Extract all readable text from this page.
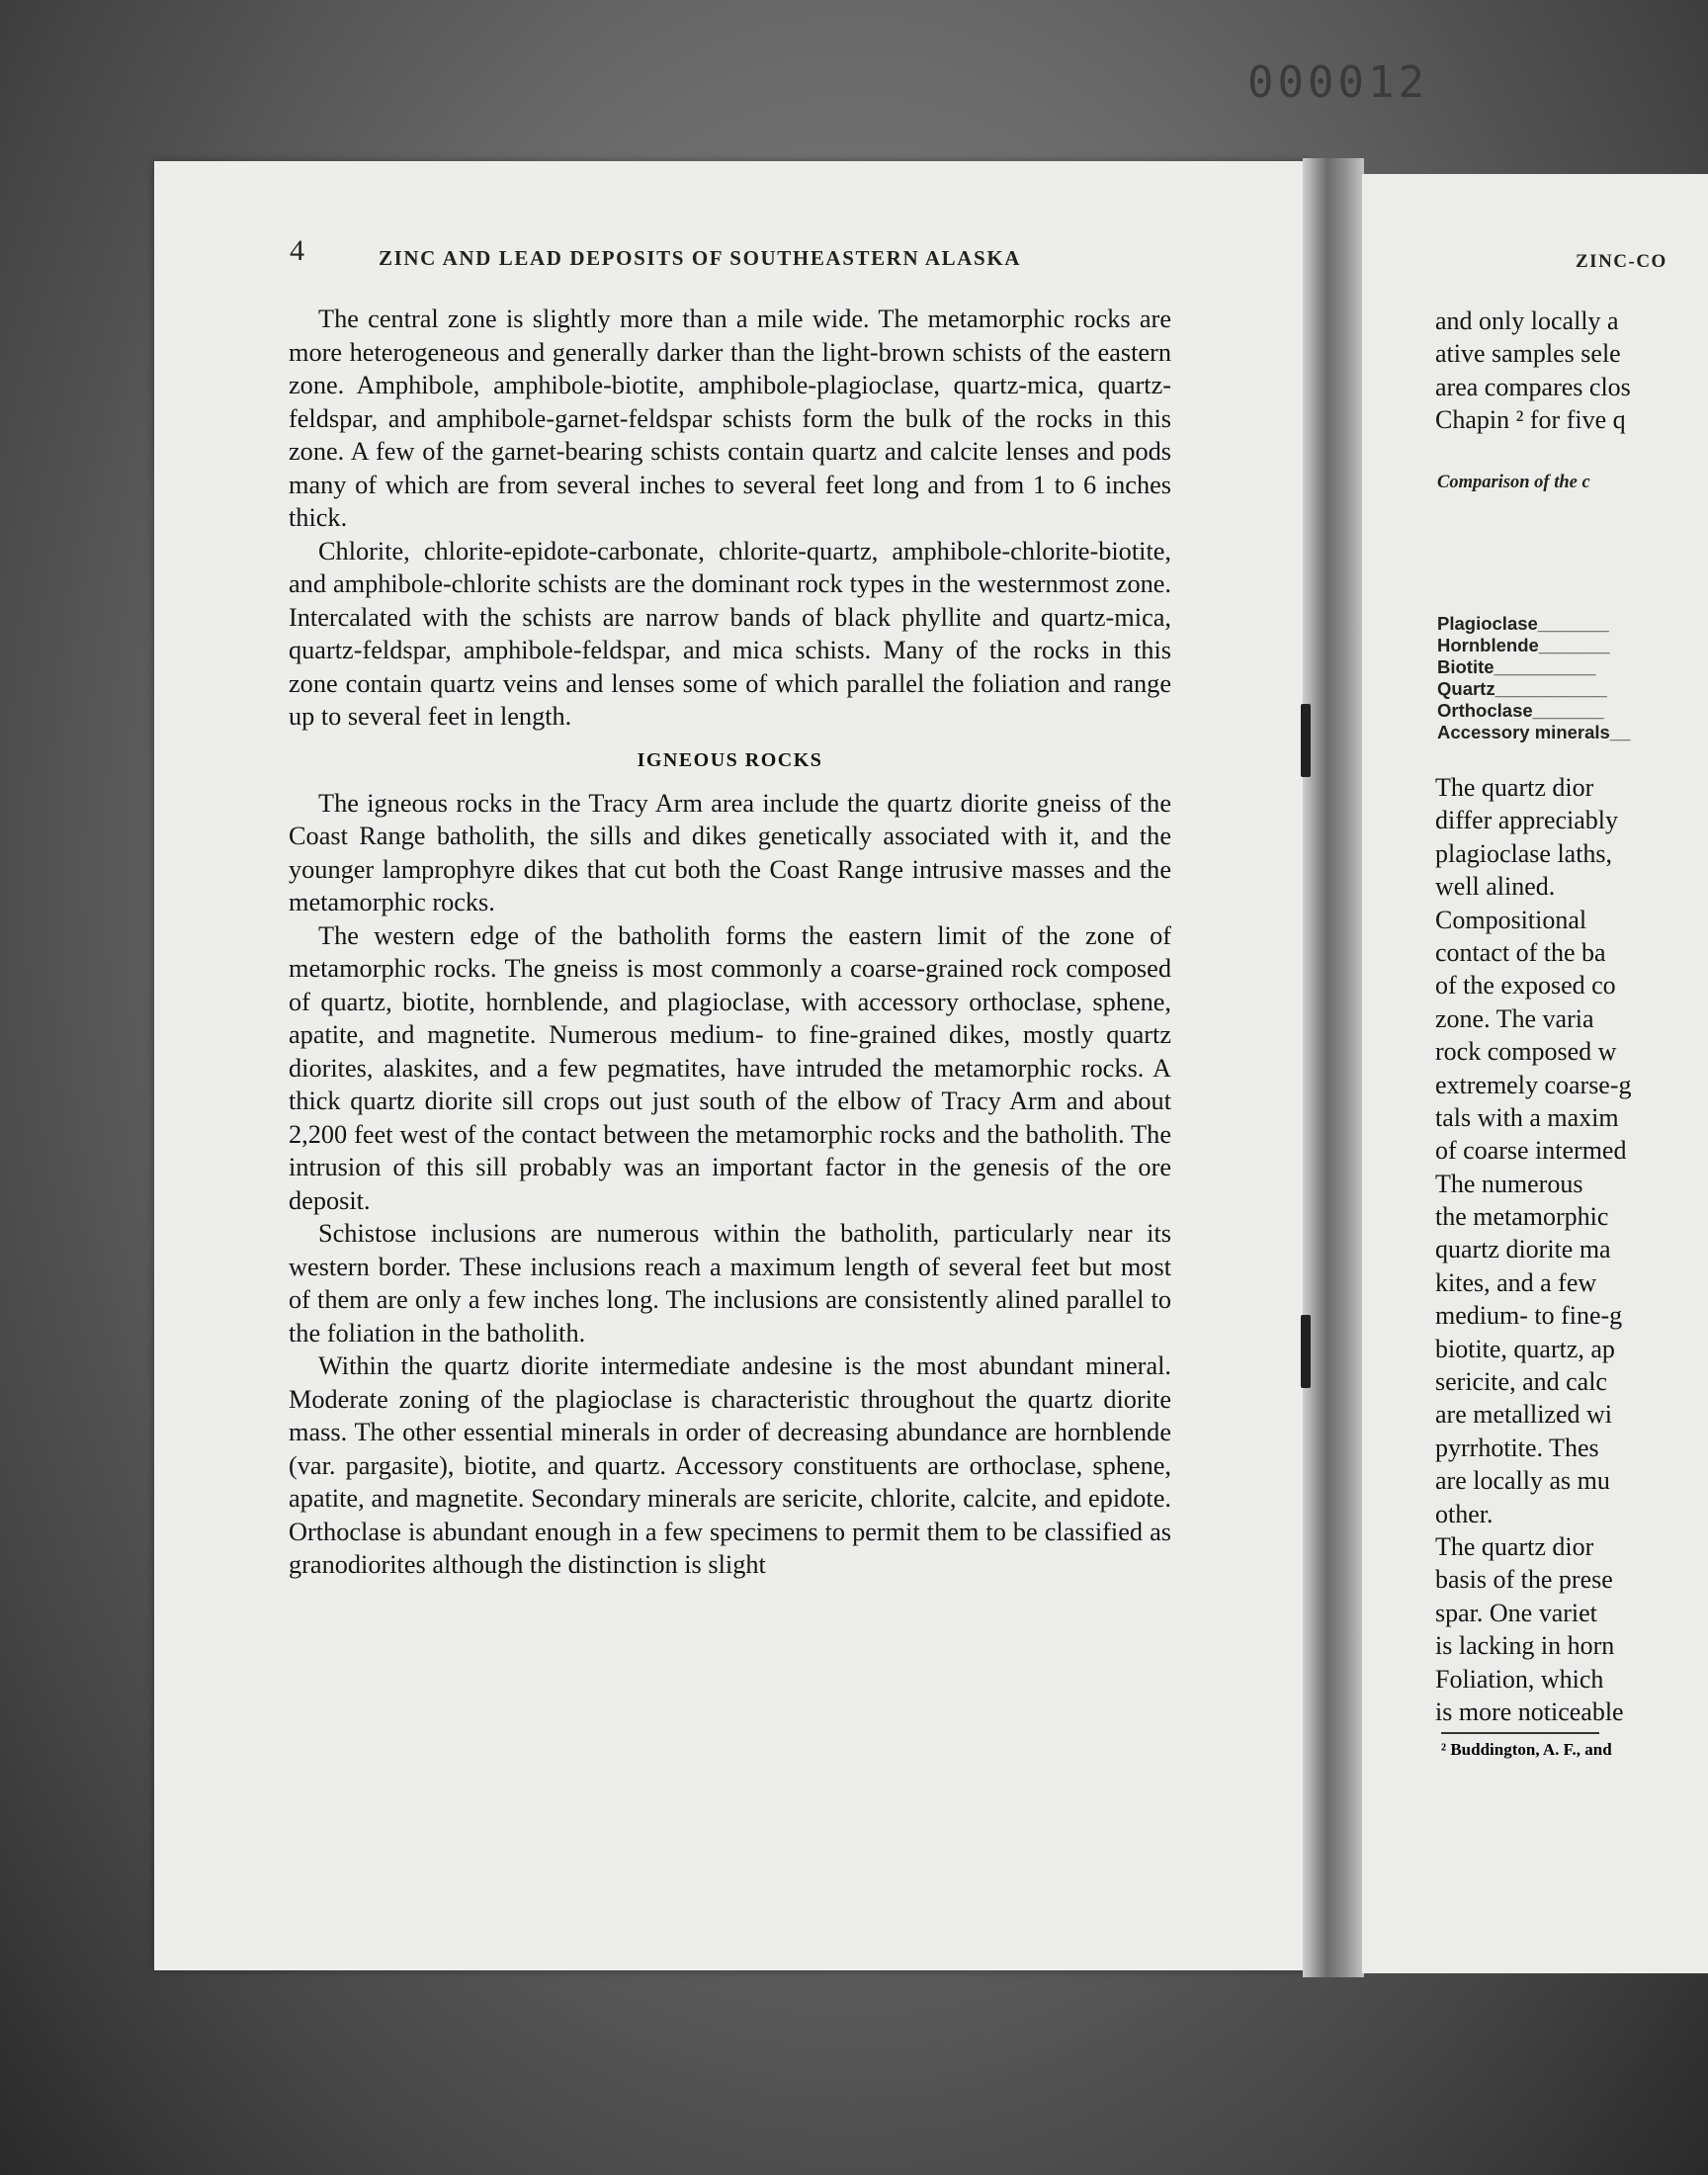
000012
4	ZINC AND LEAD DEPOSITS OF SOUTHEASTERN ALASKA

The central zone is slightly more than a mile wide. The metamorphic rocks are more heterogeneous and generally darker than the light-brown schists of the eastern zone. Amphibole, amphibole-biotite, amphibole-plagioclase, quartz-mica, quartz-feldspar, and amphibole-garnet-feldspar schists form the bulk of the rocks in this zone. A few of the garnet-bearing schists contain quartz and calcite lenses and pods many of which are from several inches to several feet long and from 1 to 6 inches thick.

Chlorite, chlorite-epidote-carbonate, chlorite-quartz, amphibole-chlorite-biotite, and amphibole-chlorite schists are the dominant rock types in the westernmost zone. Intercalated with the schists are narrow bands of black phyllite and quartz-mica, quartz-feldspar, amphibole-feldspar, and mica schists. Many of the rocks in this zone contain quartz veins and lenses some of which parallel the foliation and range up to several feet in length.

IGNEOUS ROCKS

The igneous rocks in the Tracy Arm area include the quartz diorite gneiss of the Coast Range batholith, the sills and dikes genetically associated with it, and the younger lamprophyre dikes that cut both the Coast Range intrusive masses and the metamorphic rocks.

The western edge of the batholith forms the eastern limit of the zone of metamorphic rocks. The gneiss is most commonly a coarse-grained rock composed of quartz, biotite, hornblende, and plagioclase, with accessory orthoclase, sphene, apatite, and magnetite. Numerous medium- to fine-grained dikes, mostly quartz diorites, alaskites, and a few pegmatites, have intruded the metamorphic rocks. A thick quartz diorite sill crops out just south of the elbow of Tracy Arm and about 2,200 feet west of the contact between the metamorphic rocks and the batholith. The intrusion of this sill probably was an important factor in the genesis of the ore deposit.

Schistose inclusions are numerous within the batholith, particularly near its western border. These inclusions reach a maximum length of several feet but most of them are only a few inches long. The inclusions are consistently alined parallel to the foliation in the batholith.

Within the quartz diorite intermediate andesine is the most abundant mineral. Moderate zoning of the plagioclase is characteristic throughout the quartz diorite mass. The other essential minerals in order of decreasing abundance are hornblende (var. pargasite), biotite, and quartz. Accessory constituents are orthoclase, sphene, apatite, and magnetite. Secondary minerals are sericite, chlorite, calcite, and epidote. Orthoclase is abundant enough in a few specimens to permit them to be classified as granodiorites although the distinction is slight

ZINC-CO
and only locally a
ative samples sele
area compares clos
Chapin ² for five q
Comparison of the c
Plagioclase_______
Hornblende_______
Biotite__________
Quartz___________
Orthoclase_______
Accessory minerals__
The quartz dior
differ appreciably
plagioclase laths,
well alined.
Compositional
contact of the ba
of the exposed co
zone. The varia
rock composed w
extremely coarse-g
tals with a maxim
of coarse intermed
The numerous
the metamorphic
quartz diorite ma
kites, and a few
medium- to fine-g
biotite, quartz, ap
sericite, and calc
are metallized wi
pyrrhotite. Thes
are locally as mu
other.
The quartz dior
basis of the prese
spar. One variet
is lacking in horn
Foliation, which
is more noticeable
² Buddington, A. F., and
